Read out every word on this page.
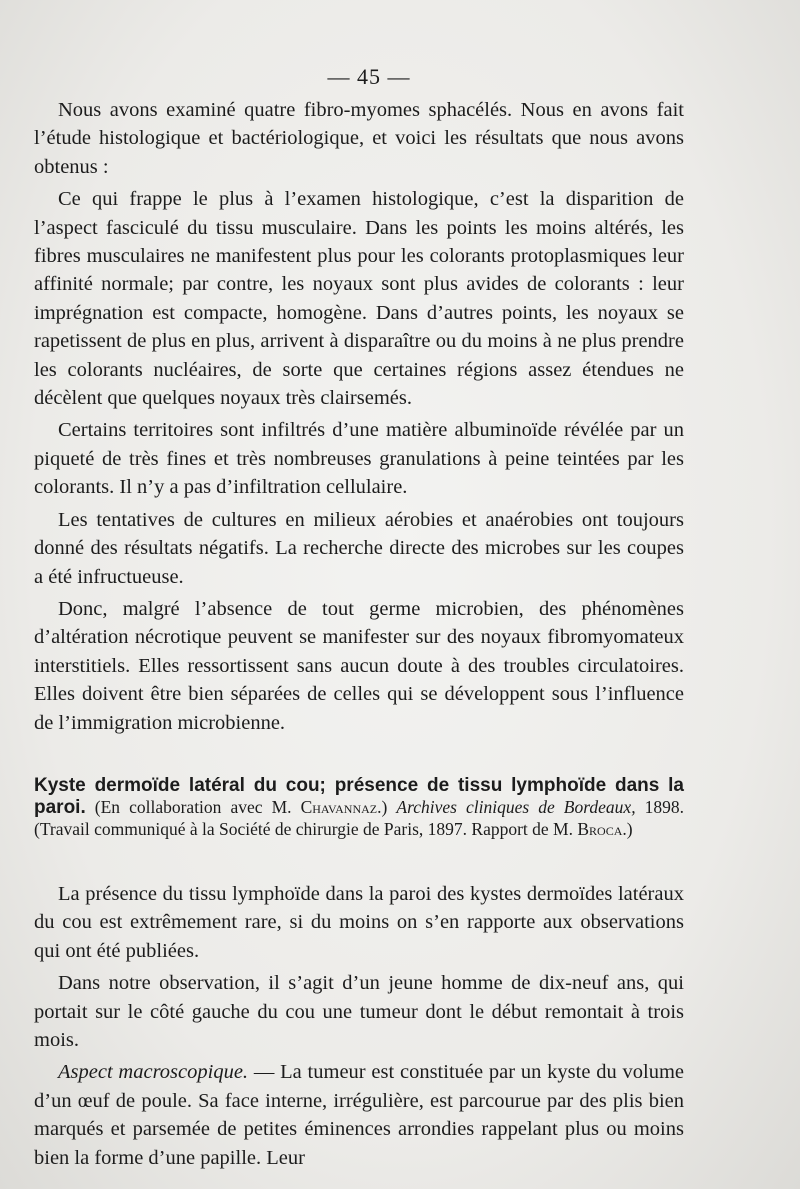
— 45 —

Nous avons examiné quatre fibro-myomes sphacélés. Nous en avons fait l’étude histologique et bactériologique, et voici les résultats que nous avons obtenus :

Ce qui frappe le plus à l’examen histologique, c’est la disparition de l’aspect fasciculé du tissu musculaire. Dans les points les moins altérés, les fibres musculaires ne manifestent plus pour les colorants protoplasmiques leur affinité normale; par contre, les noyaux sont plus avides de colorants : leur imprégnation est compacte, homogène. Dans d’autres points, les noyaux se rapetissent de plus en plus, arrivent à disparaître ou du moins à ne plus prendre les colorants nucléaires, de sorte que certaines régions assez étendues ne décèlent que quelques noyaux très clairsemés.

Certains territoires sont infiltrés d’une matière albuminoïde révélée par un piqueté de très fines et très nombreuses granulations à peine teintées par les colorants. Il n’y a pas d’infiltration cellulaire.

Les tentatives de cultures en milieux aérobies et anaérobies ont toujours donné des résultats négatifs. La recherche directe des microbes sur les coupes a été infructueuse.

Donc, malgré l’absence de tout germe microbien, des phénomènes d’altération nécrotique peuvent se manifester sur des noyaux fibromyomateux interstitiels. Elles ressortissent sans aucun doute à des troubles circulatoires. Elles doivent être bien séparées de celles qui se développent sous l’influence de l’immigration microbienne.

Kyste dermoïde latéral du cou; présence de tissu lymphoïde dans la paroi. (En collaboration avec M. Chavannaz.) Archives cliniques de Bordeaux, 1898. (Travail communiqué à la Société de chirurgie de Paris, 1897. Rapport de M. Broca.)

La présence du tissu lymphoïde dans la paroi des kystes dermoïdes latéraux du cou est extrêmement rare, si du moins on s’en rapporte aux observations qui ont été publiées.

Dans notre observation, il s’agit d’un jeune homme de dix-neuf ans, qui portait sur le côté gauche du cou une tumeur dont le début remontait à trois mois.

Aspect macroscopique. — La tumeur est constituée par un kyste du volume d’un œuf de poule. Sa face interne, irrégulière, est parcourue par des plis bien marqués et parsemée de petites éminences arrondies rappelant plus ou moins bien la forme d’une papille. Leur
